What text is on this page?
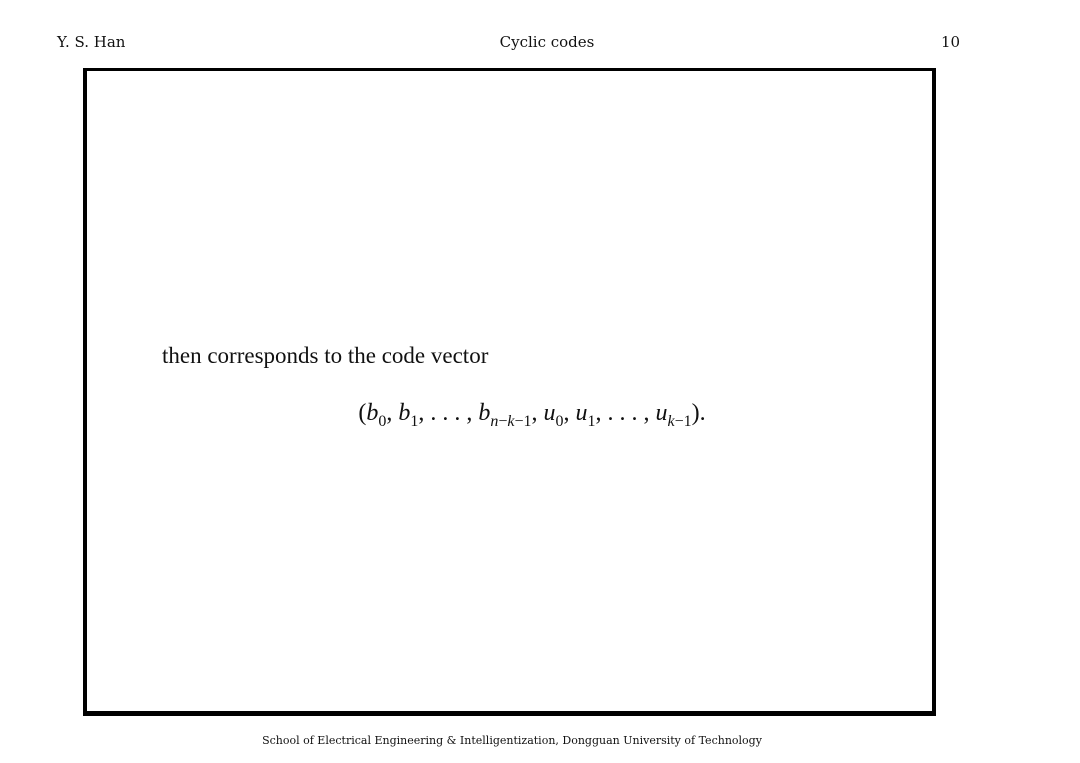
Y. S. Han	Cyclic codes	10
then corresponds to the code vector
($b_0$, $b_1$, . . . , $b_{n-k-1}$, $u_0$, $u_1$, . . . , $u_{k-1}$).
School of Electrical Engineering & Intelligentization, Dongguan University of Technology
